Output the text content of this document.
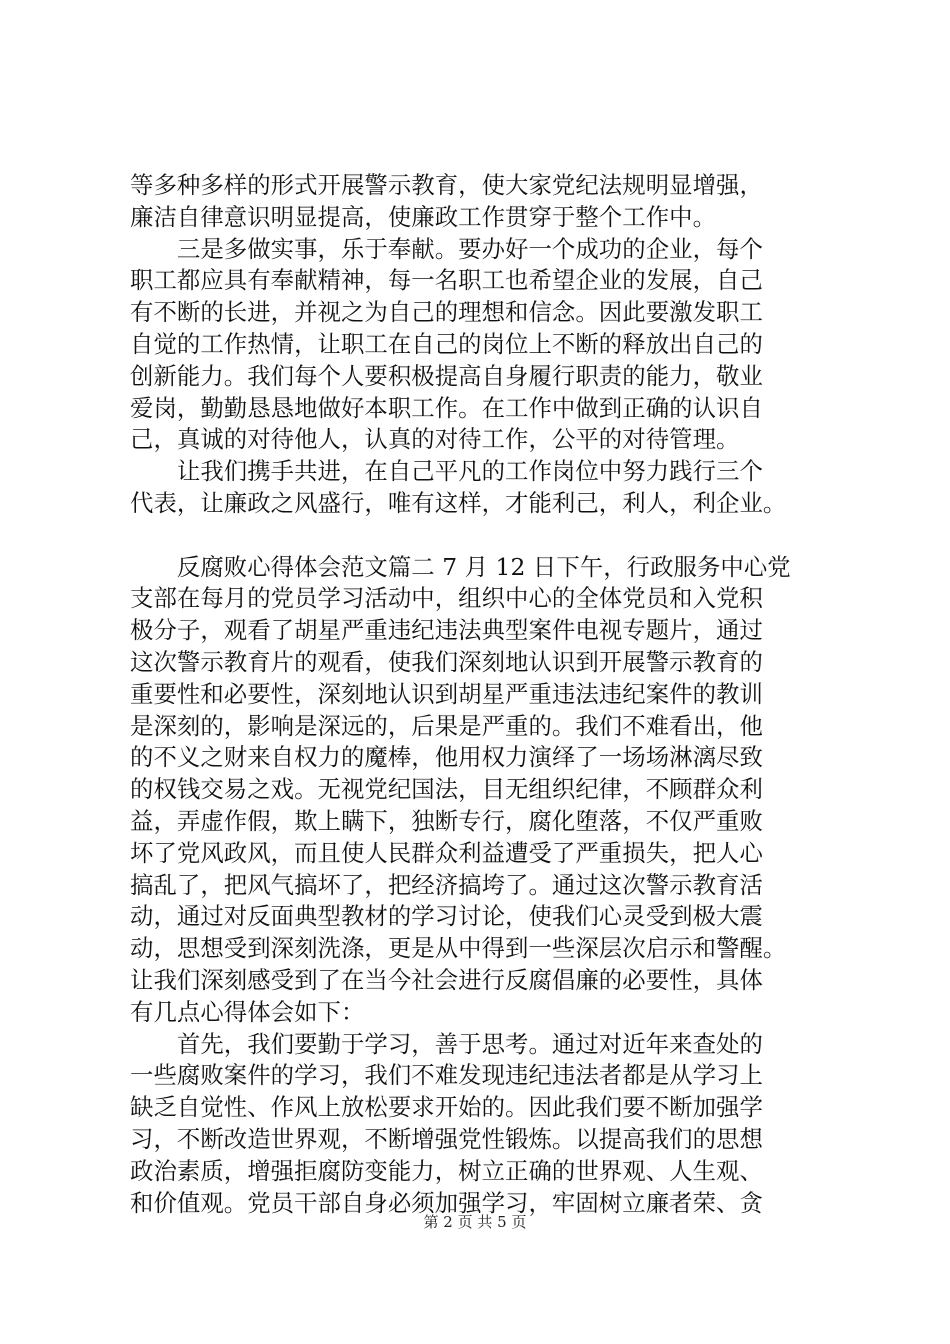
等多种多样的形式开展警示教育，使大家党纪法规明显增强，
廉洁自律意识明显提高，使廉政工作贯穿于整个工作中。
　　三是多做实事，乐于奉献。要办好一个成功的企业，每个
职工都应具有奉献精神，每一名职工也希望企业的发展，自己
有不断的长进，并视之为自己的理想和信念。因此要激发职工
自觉的工作热情，让职工在自己的岗位上不断的释放出自己的
创新能力。我们每个人要积极提高自身履行职责的能力，敬业
爱岗，勤勤恳恳地做好本职工作。在工作中做到正确的认识自
己，真诚的对待他人，认真的对待工作，公平的对待管理。
　　让我们携手共进，在自己平凡的工作岗位中努力践行三个
代表，让廉政之风盛行，唯有这样，才能利己，利人，利企业。
　　反腐败心得体会范文篇二 7 月 12 日下午，行政服务中心党
支部在每月的党员学习活动中，组织中心的全体党员和入党积
极分子，观看了胡星严重违纪违法典型案件电视专题片，通过
这次警示教育片的观看，使我们深刻地认识到开展警示教育的
重要性和必要性，深刻地认识到胡星严重违法违纪案件的教训
是深刻的，影响是深远的，后果是严重的。我们不难看出，他
的不义之财来自权力的魔棒，他用权力演绎了一场场淋漓尽致
的权钱交易之戏。无视党纪国法，目无组织纪律，不顾群众利
益，弄虚作假，欺上瞒下，独断专行，腐化堕落，不仅严重败
坏了党风政风，而且使人民群众利益遭受了严重损失，把人心
搞乱了，把风气搞坏了，把经济搞垮了。通过这次警示教育活
动，通过对反面典型教材的学习讨论，使我们心灵受到极大震
动，思想受到深刻洗涤，更是从中得到一些深层次启示和警醒。
让我们深刻感受到了在当今社会进行反腐倡廉的必要性，具体
有几点心得体会如下：
　　首先，我们要勤于学习，善于思考。通过对近年来查处的
一些腐败案件的学习，我们不难发现违纪违法者都是从学习上
缺乏自觉性、作风上放松要求开始的。因此我们要不断加强学
习，不断改造世界观，不断增强党性锻炼。以提高我们的思想
政治素质，增强拒腐防变能力，树立正确的世界观、人生观、
和价值观。党员干部自身必须加强学习，牢固树立廉者荣、贪
第 2 页 共 5 页
